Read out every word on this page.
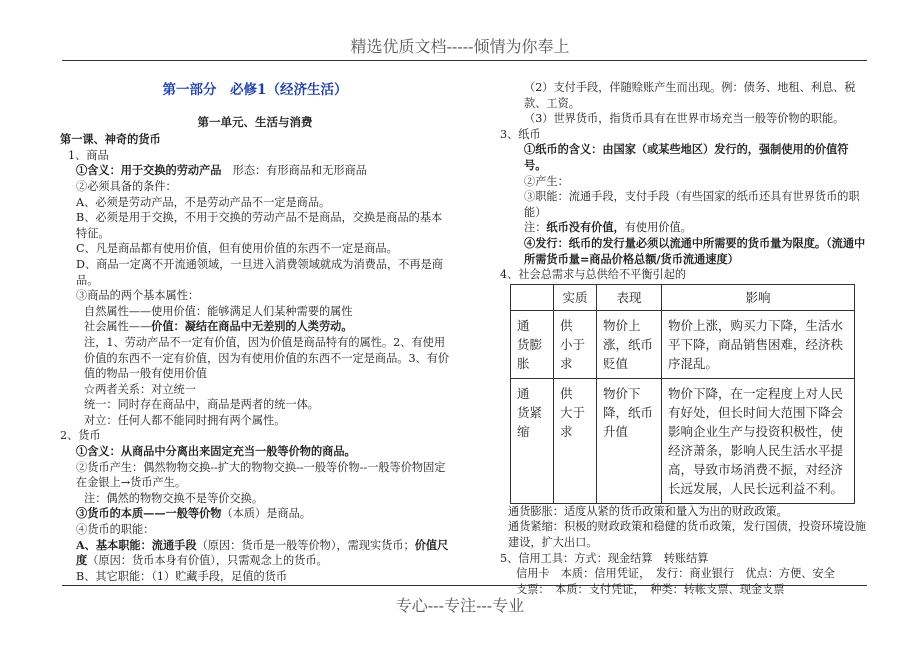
精选优质文档-----倾情为你奉上
第一部分　必修1（经济生活）
第一单元、生活与消费
第一课、神奇的货币
1、商品
①含义：用于交换的劳动产品　形态：有形商品和无形商品
②必须具备的条件：
A、必须是劳动产品，不是劳动产品不一定是商品。
B、必须是用于交换，不用于交换的劳动产品不是商品，交换是商品的基本特征。
C、凡是商品都有使用价值，但有使用价值的东西不一定是商品。
D、商品一定离不开流通领域，一旦进入消费领域就成为消费品，不再是商品。
③商品的两个基本属性：
自然属性——使用价值：能够满足人们某种需要的属性
社会属性——价值：凝结在商品中无差别的人类劳动。
注，1、劳动产品不一定有价值，因为价值是商品特有的属性。2、有使用价值的东西不一定有价值，因为有使用价值的东西不一定是商品。3、有价值的物品一般有使用价值
☆两者关系：对立统一
统一：同时存在商品中，商品是两者的统一体。
对立：任何人都不能同时拥有两个属性。
2、货币
①含义：从商品中分离出来固定充当一般等价物的商品。
②货币产生：偶然物物交换--扩大的物物交换--一般等价物--一般等价物固定在金银上→货币产生。
注：偶然的物物交换不是等价交换。
③货币的本质——一般等价物（本质）是商品。
④货币的职能：
A、基本职能：流通手段（原因：货币是一般等价物），需现实货币；价值尺度（原因：货币本身有价值），只需观念上的货币。
B、其它职能：（1）贮藏手段，足值的货币
（2）支付手段，伴随赊账产生而出现。例：债务、地租、利息、税款、工资。
（3）世界货币，指货币具有在世界市场充当一般等价物的职能。
3、纸币
①纸币的含义：由国家（或某些地区）发行的，强制使用的价值符号。
②产生：
③职能：流通手段，支付手段（有些国家的纸币还具有世界货币的职能）
注：纸币没有价值，有使用价值。
④发行：纸币的发行量必须以流通中所需要的货币量为限度。（流通中所需货币量=商品价格总额/货币流通速度）
4、社会总需求与总供给不平衡引起的
	实质	表现	影响
通　货膨胀	供　小于求	物价上涨，纸币贬值	物价上涨，购买力下降，生活水平下降，商品销售困难，经济秩序混乱。
通　货紧缩	供　大于求	物价下降，纸币升值	物价下降，在一定程度上对人民有好处，但长时间大范围下降会影响企业生产与投资积极性，使经济萧条，影响人民生活水平提高，导致市场消费不振，对经济长远发展，人民长远利益不利。
通货膨胀：适度从紧的货币政策和量入为出的财政政策。
通货紧缩：积极的财政政策和稳健的货币政策，发行国债，投资环境设施建设，扩大出口。
5、信用工具：方式：现金结算　转账结算
信用卡　本质：信用凭证，　发行：商业银行　优点：方便、安全
支票：　本质：支付凭证，　种类：转帐支票、现金支票
专心---专注---专业
